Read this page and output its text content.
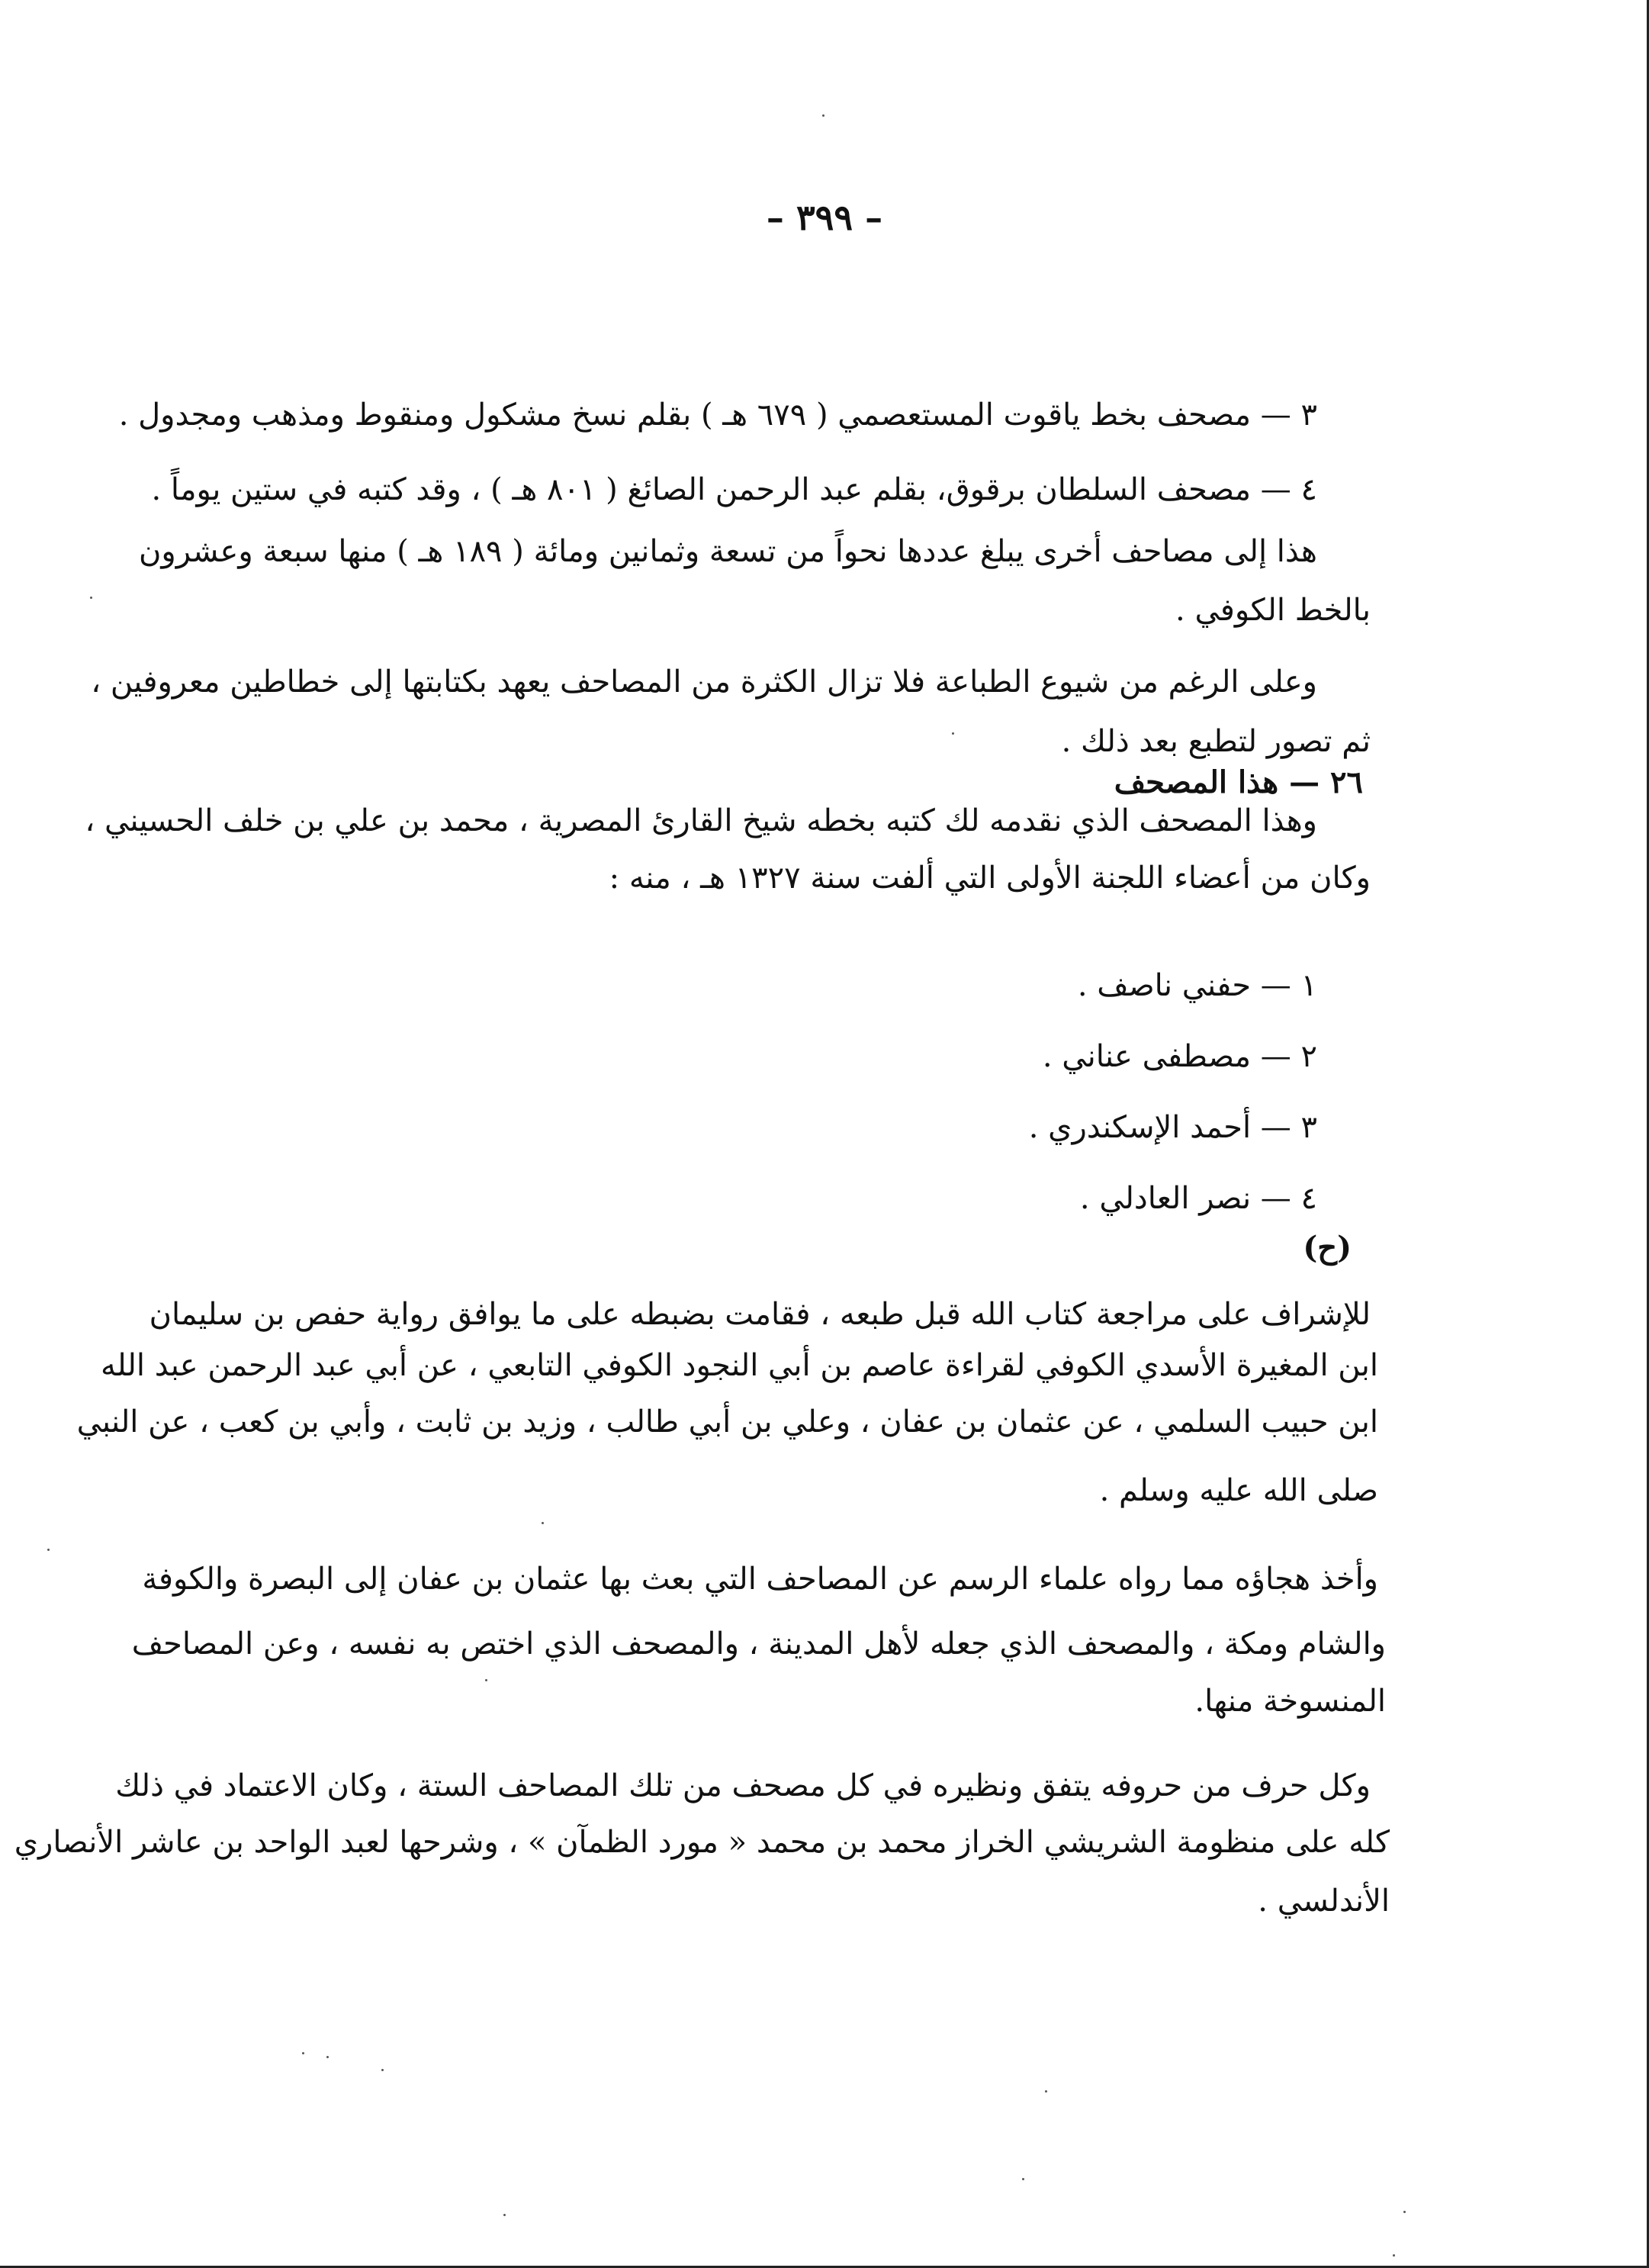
– ٣٩٩ –
٣ — مصحف بخط ياقوت المستعصمي ( ٦٧٩ هـ ) بقلم نسخ مشكول ومنقوط ومذهب ومجدول .
٤ — مصحف السلطان برقوق، بقلم عبد الرحمن الصائغ ( ٨٠١ هـ ) ، وقد كتبه في ستين يوماً .
هذا إلى مصاحف أخرى يبلغ عددها نحواً من تسعة وثمانين ومائة ( ١٨٩ هـ ) منها سبعة وعشرون
بالخط الكوفي .
وعلى الرغم من شيوع الطباعة فلا تزال الكثرة من المصاحف يعهد بكتابتها إلى خطاطين معروفين ،
ثم تصور لتطبع بعد ذلك .
٢٦ — هذا المصحف
وهذا المصحف الذي نقدمه لك كتبه بخطه شيخ القارئ المصرية ، محمد بن علي بن خلف الحسيني ،
وكان من أعضاء اللجنة الأولى التي ألفت سنة ١٣٢٧ هـ ، منه :
١ — حفني ناصف .
٢ — مصطفى عناني .
٣ — أحمد الإسكندري .
٤ — نصر العادلي .
(ح)
للإشراف على مراجعة كتاب الله قبل طبعه ، فقامت بضبطه على ما يوافق رواية حفص بن سليمان
ابن المغيرة الأسدي الكوفي لقراءة عاصم بن أبي النجود الكوفي التابعي ، عن أبي عبد الرحمن عبد الله
ابن حبيب السلمي ، عن عثمان بن عفان ، وعلي بن أبي طالب ، وزيد بن ثابت ، وأبي بن كعب ، عن النبي
صلى الله عليه وسلم .
وأخذ هجاؤه مما رواه علماء الرسم عن المصاحف التي بعث بها عثمان بن عفان إلى البصرة والكوفة
والشام ومكة ، والمصحف الذي جعله لأهل المدينة ، والمصحف الذي اختص به نفسه ، وعن المصاحف
المنسوخة منها.
وكل حرف من حروفه يتفق ونظيره في كل مصحف من تلك المصاحف الستة ، وكان الاعتماد في ذلك
كله على منظومة الشريشي الخراز محمد بن محمد « مورد الظمآن » ، وشرحها لعبد الواحد بن عاشر الأنصاري
الأندلسي .
